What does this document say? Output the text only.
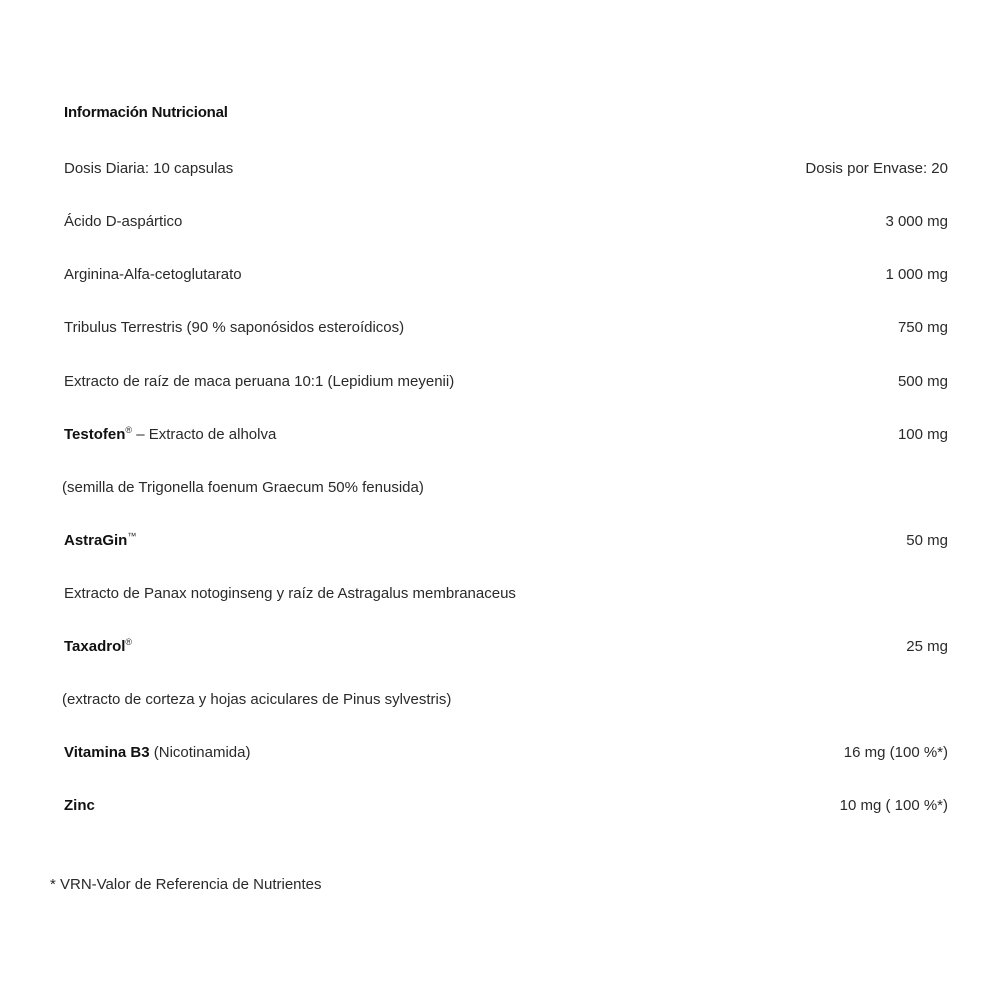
Información Nutricional
Dosis Diaria: 10 capsulas	Dosis por Envase: 20
Ácido D-aspártico	3 000 mg
Arginina-Alfa-cetoglutarato	1 000 mg
Tribulus Terrestris (90 % saponósidos esteroídicos)	750 mg
Extracto de raíz de maca peruana 10:1 (Lepidium meyenii)	500 mg
Testofen® – Extracto de alholva	100 mg
(semilla de Trigonella foenum Graecum 50% fenusida)
AstraGin™	50 mg
Extracto de Panax notoginseng y raíz de Astragalus membranaceus
Taxadrol®	25 mg
(extracto de corteza y hojas aciculares de Pinus sylvestris)
Vitamina B3 (Nicotinamida)	16 mg (100 %*)
Zinc	10 mg ( 100 %*)
* VRN-Valor de Referencia de Nutrientes
